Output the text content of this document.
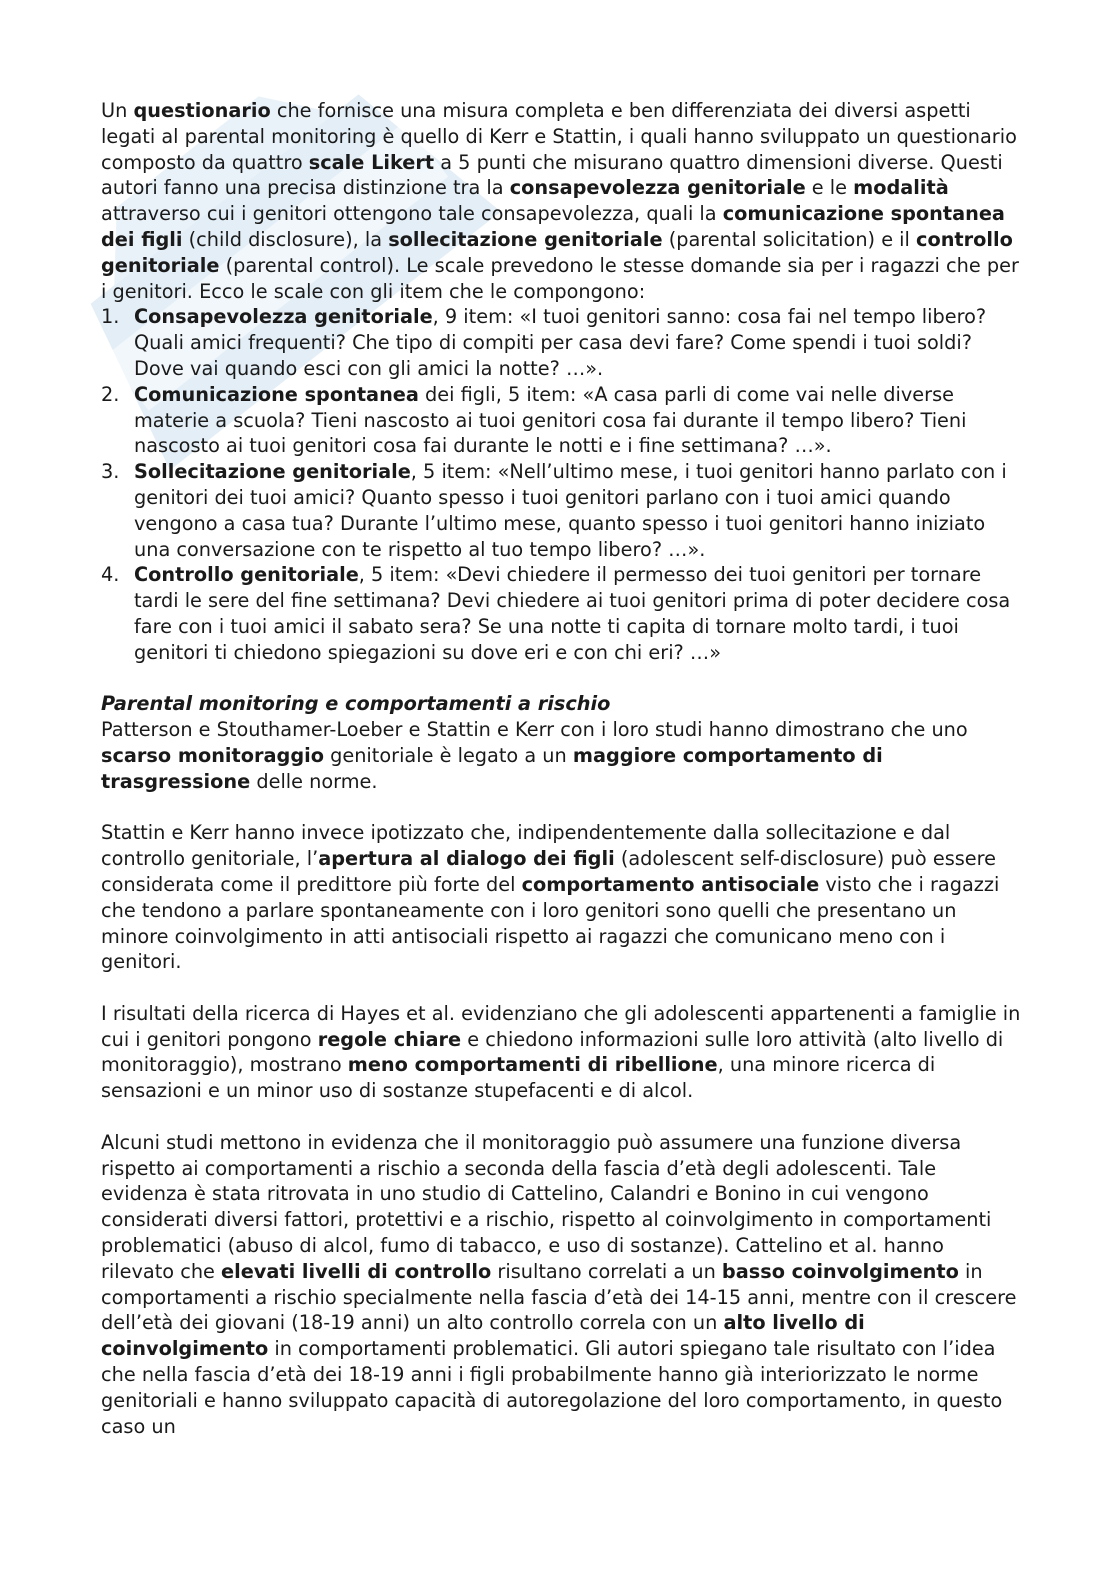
Un questionario che fornisce una misura completa e ben differenziata dei diversi aspetti legati al parental monitoring è quello di Kerr e Stattin, i quali hanno sviluppato un questionario composto da quattro scale Likert a 5 punti che misurano quattro dimensioni diverse. Questi autori fanno una precisa distinzione tra la consapevolezza genitoriale e le modalità attraverso cui i genitori ottengono tale consapevolezza, quali la comunicazione spontanea dei figli (child disclosure), la sollecitazione genitoriale (parental solicitation) e il controllo genitoriale (parental control). Le scale prevedono le stesse domande sia per i ragazzi che per i genitori. Ecco le scale con gli item che le compongono:

1. Consapevolezza genitoriale, 9 item: «I tuoi genitori sanno: cosa fai nel tempo libero? Quali amici frequenti? Che tipo di compiti per casa devi fare? Come spendi i tuoi soldi? Dove vai quando esci con gli amici la notte? …».
2. Comunicazione spontanea dei figli, 5 item: «A casa parli di come vai nelle diverse materie a scuola? Tieni nascosto ai tuoi genitori cosa fai durante il tempo libero? Tieni nascosto ai tuoi genitori cosa fai durante le notti e i fine settimana? …».
3. Sollecitazione genitoriale, 5 item: «Nell’ultimo mese, i tuoi genitori hanno parlato con i genitori dei tuoi amici? Quanto spesso i tuoi genitori parlano con i tuoi amici quando vengono a casa tua? Durante l’ultimo mese, quanto spesso i tuoi genitori hanno iniziato una conversazione con te rispetto al tuo tempo libero? …».
4. Controllo genitoriale, 5 item: «Devi chiedere il permesso dei tuoi genitori per tornare tardi le sere del fine settimana? Devi chiedere ai tuoi genitori prima di poter decidere cosa fare con i tuoi amici il sabato sera? Se una notte ti capita di tornare molto tardi, i tuoi genitori ti chiedono spiegazioni su dove eri e con chi eri? …»

Parental monitoring e comportamenti a rischio

Patterson e Stouthamer-Loeber e Stattin e Kerr con i loro studi hanno dimostrano che uno scarso monitoraggio genitoriale è legato a un maggiore comportamento di trasgressione delle norme.

Stattin e Kerr hanno invece ipotizzato che, indipendentemente dalla sollecitazione e dal controllo genitoriale, l’apertura al dialogo dei figli (adolescent self-disclosure) può essere considerata come il predittore più forte del comportamento antisociale visto che i ragazzi che tendono a parlare spontaneamente con i loro genitori sono quelli che presentano un minore coinvolgimento in atti antisociali rispetto ai ragazzi che comunicano meno con i genitori.

I risultati della ricerca di Hayes et al. evidenziano che gli adolescenti appartenenti a famiglie in cui i genitori pongono regole chiare e chiedono informazioni sulle loro attività (alto livello di monitoraggio), mostrano meno comportamenti di ribellione, una minore ricerca di sensazioni e un minor uso di sostanze stupefacenti e di alcol.

Alcuni studi mettono in evidenza che il monitoraggio può assumere una funzione diversa rispetto ai comportamenti a rischio a seconda della fascia d’età degli adolescenti. Tale evidenza è stata ritrovata in uno studio di Cattelino, Calandri e Bonino in cui vengono considerati diversi fattori, protettivi e a rischio, rispetto al coinvolgimento in comportamenti problematici (abuso di alcol, fumo di tabacco, e uso di sostanze). Cattelino et al. hanno rilevato che elevati livelli di controllo risultano correlati a un basso coinvolgimento in comportamenti a rischio specialmente nella fascia d’età dei 14-15 anni, mentre con il crescere dell’età dei giovani (18-19 anni) un alto controllo correla con un alto livello di coinvolgimento in comportamenti problematici. Gli autori spiegano tale risultato con l’idea che nella fascia d’età dei 18-19 anni i figli probabilmente hanno già interiorizzato le norme genitoriali e hanno sviluppato capacità di autoregolazione del loro comportamento, in questo caso un
